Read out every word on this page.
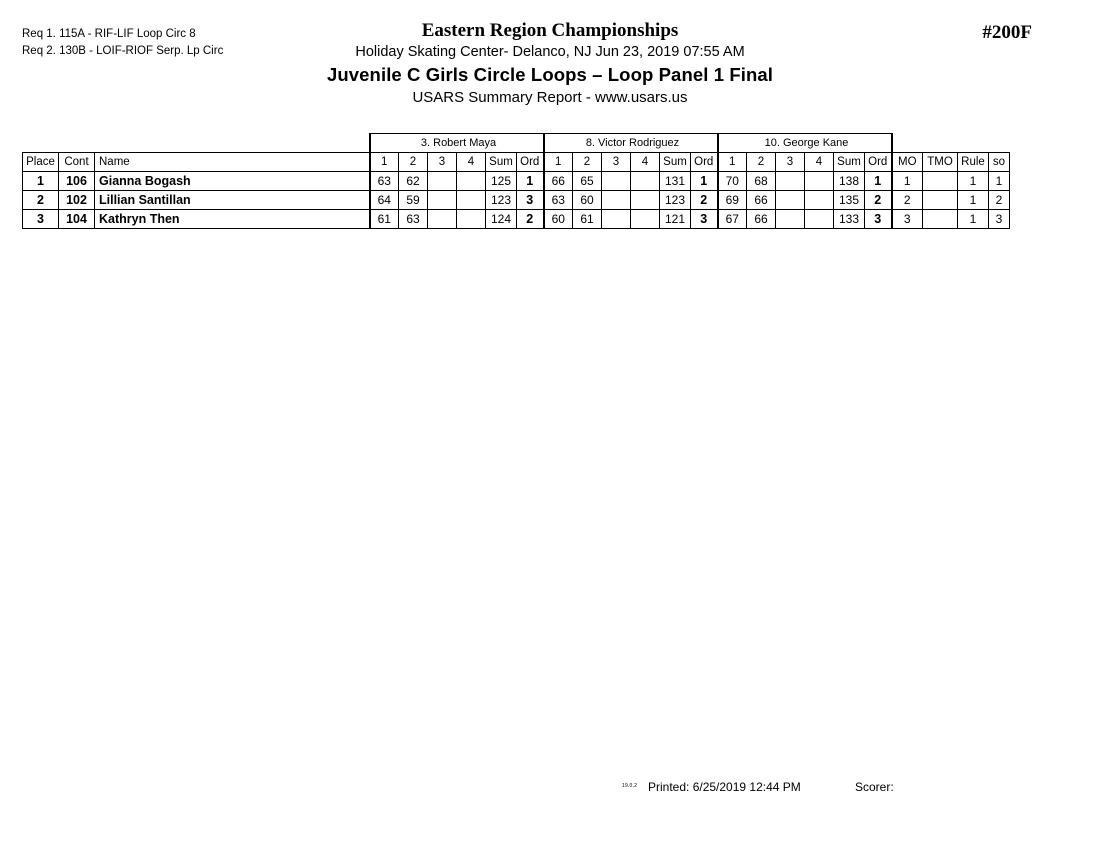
Req 1. 115A - RIF-LIF Loop Circ 8
Req 2. 130B - LOIF-RIOF Serp. Lp Circ
Eastern Region Championships
Holiday Skating Center- Delanco, NJ Jun 23, 2019 07:55 AM
Juvenile C Girls Circle Loops – Loop Panel 1 Final
USARS Summary Report - www.usars.us
#200F
			3. Robert Maya						8. Victor Rodriguez						10. George Kane									
Place	Cont	Name	1	2	3	4	Sum	Ord	1	2	3	4	Sum	Ord	1	2	3	4	Sum	Ord	MO	TMO	Rule	so
1	106	Gianna Bogash	63	62			125	1	66	65			131	1	70	68			138	1	1		1	1
2	102	Lillian Santillan	64	59			123	3	63	60			123	2	69	66			135	2	2		1	2
3	104	Kathryn Then	61	63			124	2	60	61			121	3	67	66			133	3	3		1	3
19.0.2 Printed: 6/25/2019 12:44 PM	Scorer:
